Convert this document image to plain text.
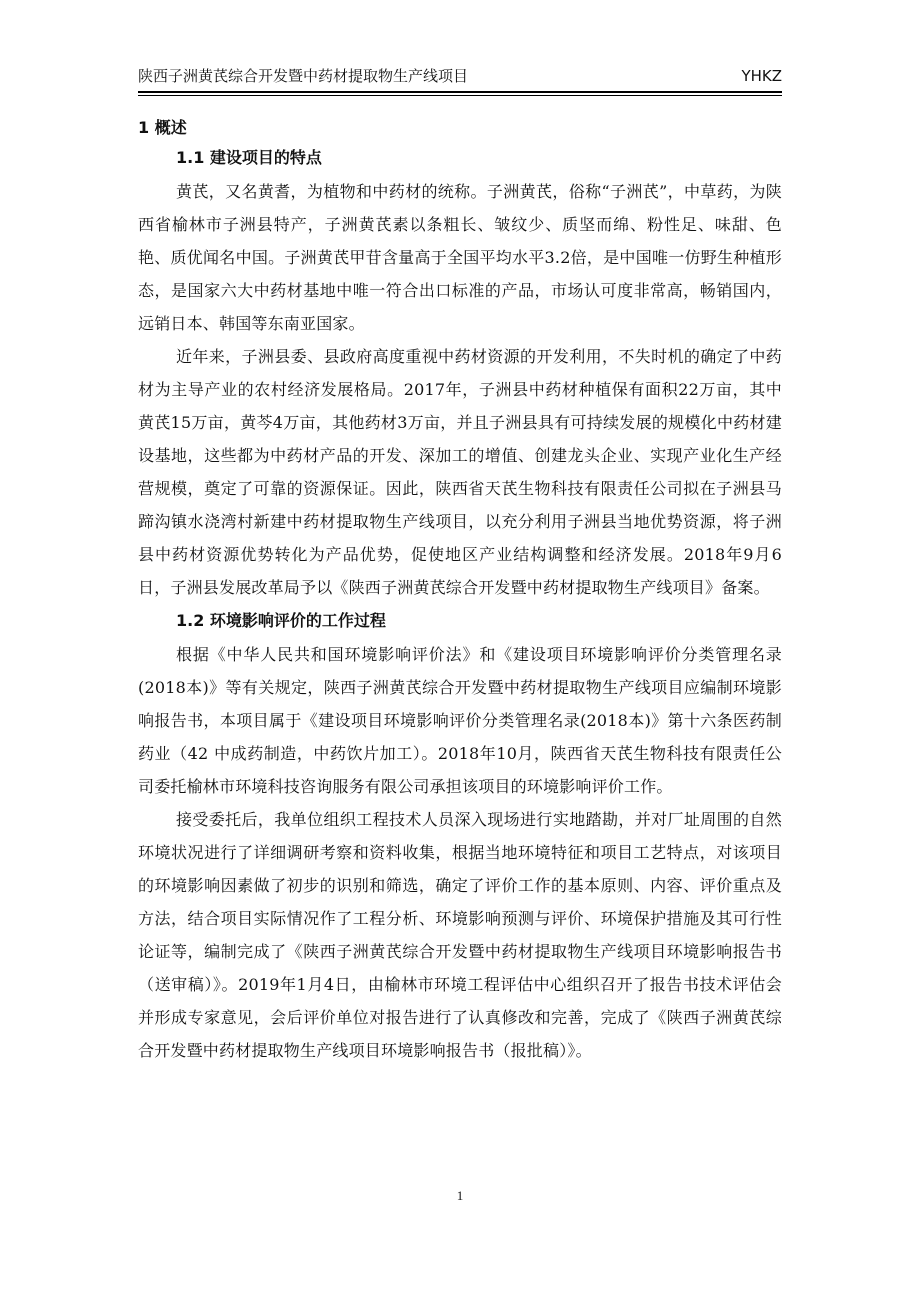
陕西子洲黄芪综合开发暨中药材提取物生产线项目	YHKZ
1 概述
1.1 建设项目的特点

黄芪，又名黄耆，为植物和中药材的统称。子洲黄芪，俗称“子洲芪”，中草药，为陕西省榆林市子洲县特产，子洲黄芪素以条粗长、皱纹少、质坚而绵、粉性足、味甜、色艳、质优闻名中国。子洲黄芪甲苷含量高于全国平均水平3.2倍，是中国唯一仿野生种植形态，是国家六大中药材基地中唯一符合出口标准的产品，市场认可度非常高，畅销国内，远销日本、韩国等东南亚国家。

近年来，子洲县委、县政府高度重视中药材资源的开发利用，不失时机的确定了中药材为主导产业的农村经济发展格局。2017年，子洲县中药材种植保有面积22万亩，其中黄芪15万亩，黄芩4万亩，其他药材3万亩，并且子洲县具有可持续发展的规模化中药材建设基地，这些都为中药材产品的开发、深加工的增值、创建龙头企业、实现产业化生产经营规模，奠定了可靠的资源保证。因此，陕西省天芪生物科技有限责任公司拟在子洲县马蹄沟镇水浇湾村新建中药材提取物生产线项目，以充分利用子洲县当地优势资源，将子洲县中药材资源优势转化为产品优势，促使地区产业结构调整和经济发展。2018年9月6日，子洲县发展改革局予以《陕西子洲黄芪综合开发暨中药材提取物生产线项目》备案。

1.2 环境影响评价的工作过程

根据《中华人民共和国环境影响评价法》和《建设项目环境影响评价分类管理名录(2018本)》等有关规定，陕西子洲黄芪综合开发暨中药材提取物生产线项目应编制环境影响报告书，本项目属于《建设项目环境影响评价分类管理名录(2018本)》第十六条医药制药业（42 中成药制造，中药饮片加工）。2018年10月，陕西省天芪生物科技有限责任公司委托榆林市环境科技咨询服务有限公司承担该项目的环境影响评价工作。

接受委托后，我单位组织工程技术人员深入现场进行实地踏勘，并对厂址周围的自然环境状况进行了详细调研考察和资料收集，根据当地环境特征和项目工艺特点，对该项目的环境影响因素做了初步的识别和筛选，确定了评价工作的基本原则、内容、评价重点及方法，结合项目实际情况作了工程分析、环境影响预测与评价、环境保护措施及其可行性论证等，编制完成了《陕西子洲黄芪综合开发暨中药材提取物生产线项目环境影响报告书（送审稿）》。2019年1月4日，由榆林市环境工程评估中心组织召开了报告书技术评估会并形成专家意见，会后评价单位对报告进行了认真修改和完善，完成了《陕西子洲黄芪综合开发暨中药材提取物生产线项目环境影响报告书（报批稿）》。

1
